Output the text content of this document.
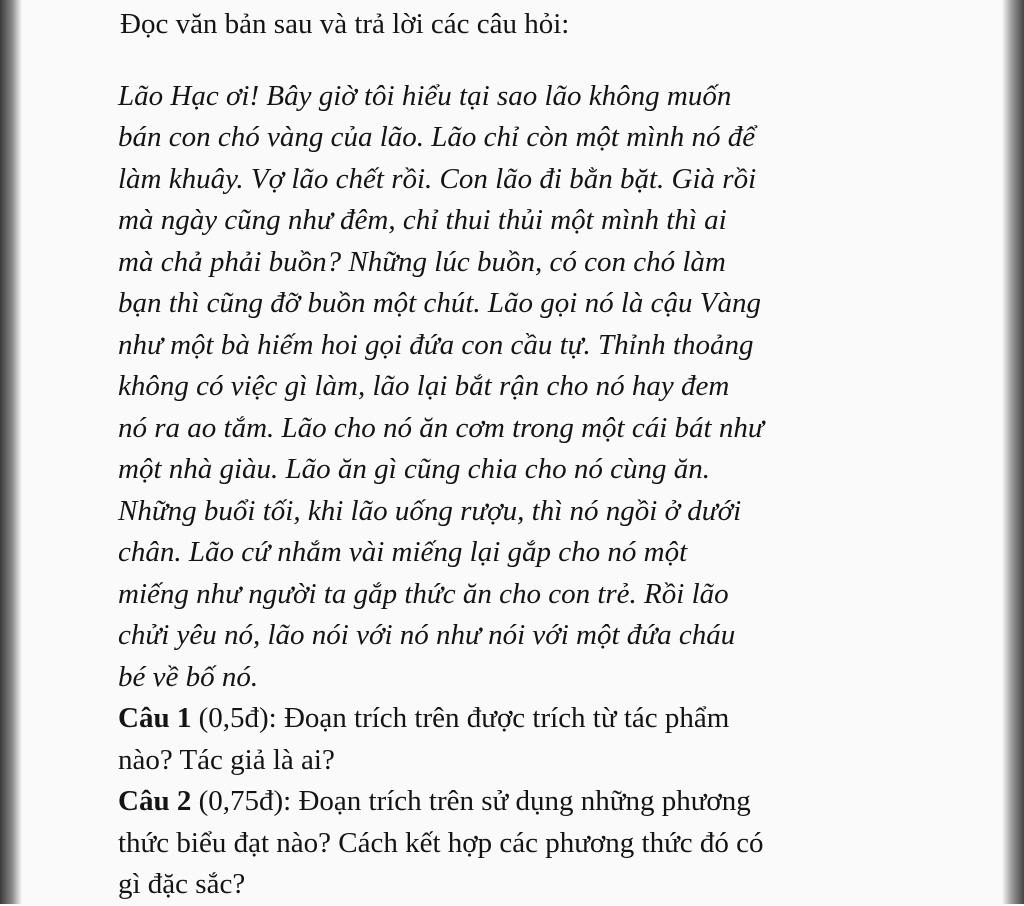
Đọc văn bản sau và trả lời các câu hỏi:
Lão Hạc ơi! Bây giờ tôi hiểu tại sao lão không muốn
bán con chó vàng của lão. Lão chỉ còn một mình nó để
làm khuây. Vợ lão chết rồi. Con lão đi bằn bặt. Già rồi
mà ngày cũng như đêm, chỉ thui thủi một mình thì ai
mà chả phải buồn? Những lúc buồn, có con chó làm
bạn thì cũng đỡ buồn một chút. Lão gọi nó là cậu Vàng
như một bà hiếm hoi gọi đứa con cầu tự. Thỉnh thoảng
không có việc gì làm, lão lại bắt rận cho nó hay đem
nó ra ao tắm. Lão cho nó ăn cơm trong một cái bát như
một nhà giàu. Lão ăn gì cũng chia cho nó cùng ăn.
Những buổi tối, khi lão uống rượu, thì nó ngồi ở dưới
chân. Lão cứ nhắm vài miếng lại gắp cho nó một
miếng như người ta gắp thức ăn cho con trẻ. Rồi lão
chửi yêu nó, lão nói với nó như nói với một đứa cháu
bé về bố nó.
Câu 1 (0,5đ): Đoạn trích trên được trích từ tác phẩm
nào? Tác giả là ai?
Câu 2 (0,75đ): Đoạn trích trên sử dụng những phương
thức biểu đạt nào? Cách kết hợp các phương thức đó có
gì đặc sắc?
